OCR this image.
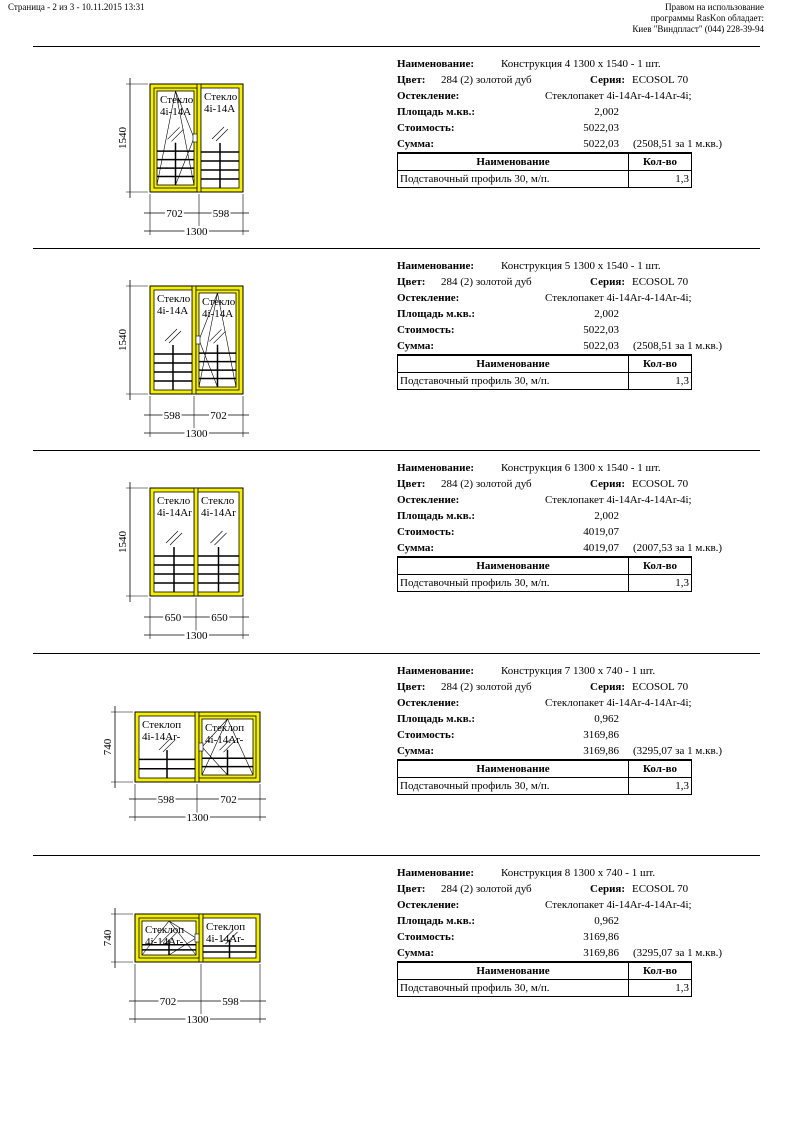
Страница - 2 из 3 - 10.11.2015 13:31	Правом на использование
программы RasKon обладает:
Киев "Виндпласт" (044) 228-39-94
Стекло
4i-14A
Стекло
4i-14A
1540
702	598
1300
Наименование: Конструкция 4 1300 x 1540 - 1 шт.
Цвет: 284 (2) золотой дуб	Серия: ECOSOL 70
Остекление:	Стеклопакет 4i-14Ar-4-14Ar-4i;
Площадь м.кв.:	2,002
Стоимость:	5022,03
Сумма:	5022,03 (2508,51 за 1 м.кв.)
Наименование	Кол-во
Подставочный профиль 30, м/п.	1,3
Стекло
4i-14A
Стекло
4i-14A
1540
598	702
1300
Наименование: Конструкция 5 1300 x 1540 - 1 шт.
Цвет: 284 (2) золотой дуб	Серия: ECOSOL 70
Остекление:	Стеклопакет 4i-14Ar-4-14Ar-4i;
Площадь м.кв.:	2,002
Стоимость:	5022,03
Сумма:	5022,03 (2508,51 за 1 м.кв.)
Наименование	Кол-во
Подставочный профиль 30, м/п.	1,3
Стекло
4i-14Ar
Стекло
4i-14Ar
1540
650	650
1300
Наименование: Конструкция 6 1300 x 1540 - 1 шт.
Цвет: 284 (2) золотой дуб	Серия: ECOSOL 70
Остекление:	Стеклопакет 4i-14Ar-4-14Ar-4i;
Площадь м.кв.:	2,002
Стоимость:	4019,07
Сумма:	4019,07 (2007,53 за 1 м.кв.)
Наименование	Кол-во
Подставочный профиль 30, м/п.	1,3
Стеклоп
4i-14Ar-
Стеклоп
4i-14Ar-
740
598	702
1300
Наименование: Конструкция 7 1300 x 740 - 1 шт.
Цвет: 284 (2) золотой дуб	Серия: ECOSOL 70
Остекление:	Стеклопакет 4i-14Ar-4-14Ar-4i;
Площадь м.кв.:	0,962
Стоимость:	3169,86
Сумма:	3169,86 (3295,07 за 1 м.кв.)
Наименование	Кол-во
Подставочный профиль 30, м/п.	1,3
Стеклоп
4i-14Ar-
Стеклоп
4i-14Ar-
740
702	598
1300
Наименование: Конструкция 8 1300 x 740 - 1 шт.
Цвет: 284 (2) золотой дуб	Серия: ECOSOL 70
Остекление:	Стеклопакет 4i-14Ar-4-14Ar-4i;
Площадь м.кв.:	0,962
Стоимость:	3169,86
Сумма:	3169,86 (3295,07 за 1 м.кв.)
Наименование	Кол-во
Подставочный профиль 30, м/п.	1,3
